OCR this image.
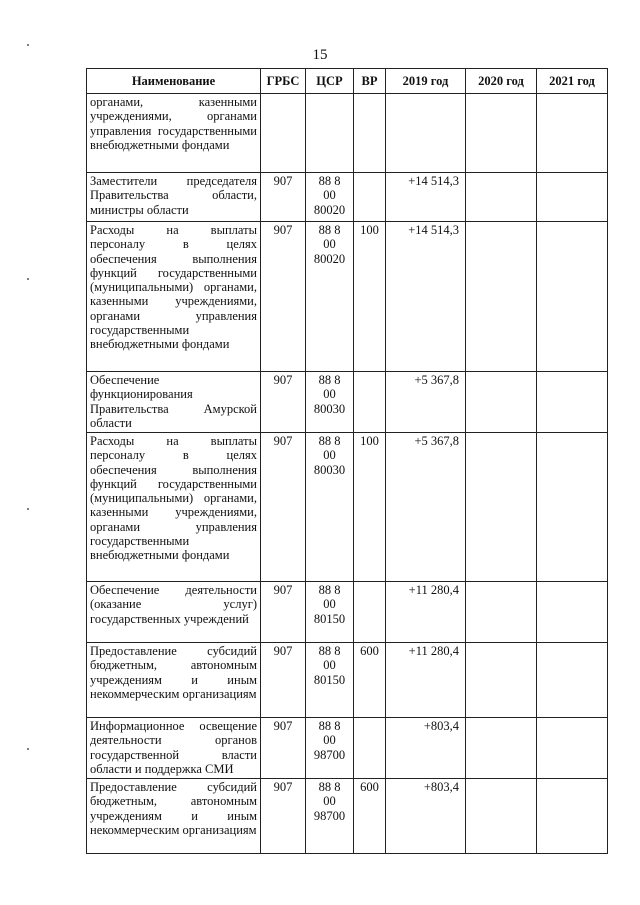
15
Наименование	ГРБС	ЦСР	ВР	2019 год	2020 год	2021 год
органами, казенными учреждениями, органами управления государственными внебюджетными фондами		

Заместители председателя Правительства области, министры области	907	88 8
00
80020		+14 514,3		
Расходы на выплаты персоналу в целях обеспечения выполнения функций государственными (муниципальными) органами, казенными учреждениями, органами управления государственными внебюджетными фондами	907	88 8
00
80020	100	+14 514,3		
Обеспечение функционирования Правительства Амурской области	907	88 8
00
80030		+5 367,8		
Расходы на выплаты персоналу в целях обеспечения выполнения функций государственными (муниципальными) органами, казенными учреждениями, органами управления государственными внебюджетными фондами	907	88 8
00
80030	100	+5 367,8		
Обеспечение деятельности (оказание услуг) государственных учреждений	907	88 8
00
80150		+11 280,4		
Предоставление субсидий бюджетным, автономным учреждениям и иным некоммерческим организациям	907	88 8
00
80150	600	+11 280,4		
Информационное освещение деятельности органов государственной власти области и поддержка СМИ	907	88 8
00
98700		+803,4		
Предоставление субсидий бюджетным, автономным учреждениям и иным некоммерческим организациям	907	88 8
00
98700	600	+803,4		
